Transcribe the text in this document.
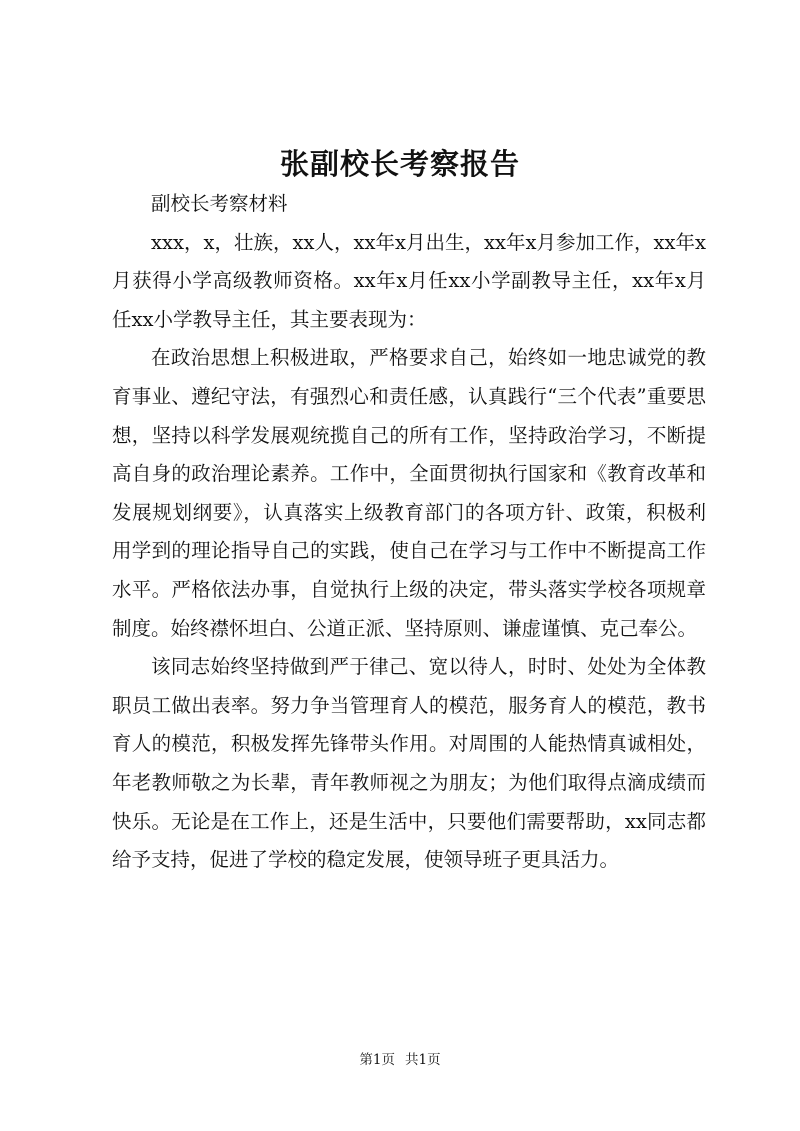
张副校长考察报告

副校长考察材料

xxx，x，壮族，xx人，xx年x月出生，xx年x月参加工作，xx年x月获得小学高级教师资格。xx年x月任xx小学副教导主任，xx年x月任xx小学教导主任，其主要表现为：

在政治思想上积极进取，严格要求自己，始终如一地忠诚党的教育事业、遵纪守法，有强烈心和责任感，认真践行“三个代表”重要思想，坚持以科学发展观统揽自己的所有工作，坚持政治学习，不断提高自身的政治理论素养。工作中，全面贯彻执行国家和《教育改革和发展规划纲要》，认真落实上级教育部门的各项方针、政策，积极利用学到的理论指导自己的实践，使自己在学习与工作中不断提高工作水平。严格依法办事，自觉执行上级的决定，带头落实学校各项规章制度。始终襟怀坦白、公道正派、坚持原则、谦虚谨慎、克己奉公。

该同志始终坚持做到严于律己、宽以待人，时时、处处为全体教职员工做出表率。努力争当管理育人的模范，服务育人的模范，教书育人的模范，积极发挥先锋带头作用。对周围的人能热情真诚相处，年老教师敬之为长辈，青年教师视之为朋友；为他们取得点滴成绩而快乐。无论是在工作上，还是生活中，只要他们需要帮助，xx同志都给予支持，促进了学校的稳定发展，使领导班子更具活力。

第1页 共1页
